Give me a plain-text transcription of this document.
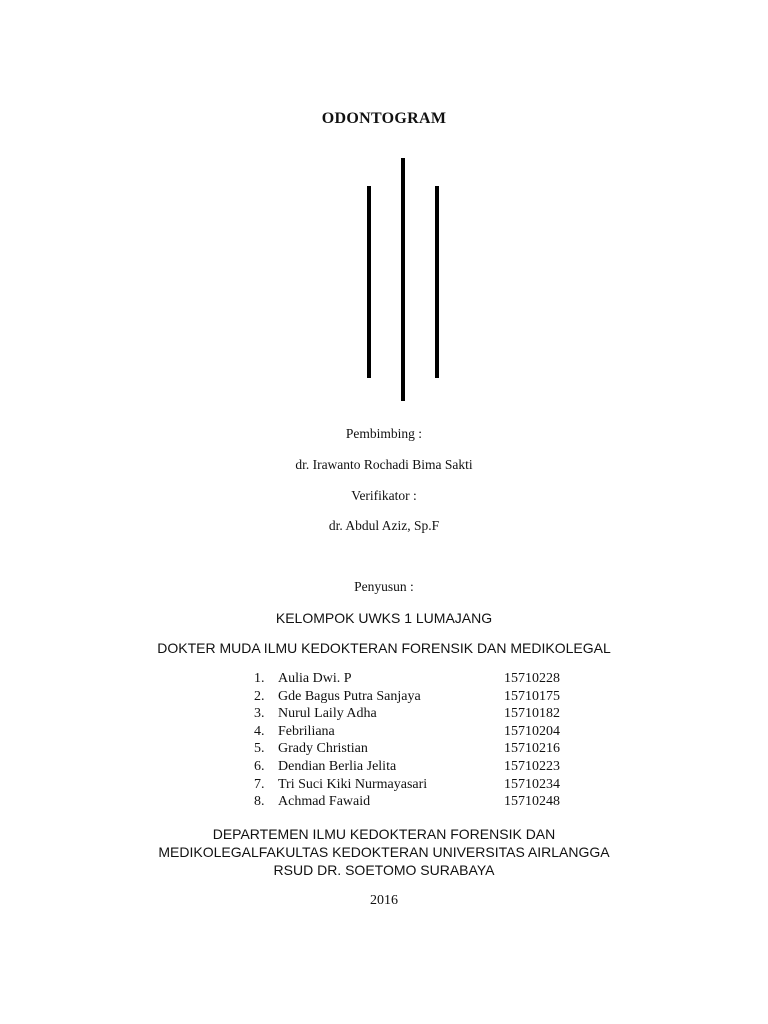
ODONTOGRAM
Pembimbing :
dr. Irawanto Rochadi Bima Sakti
Verifikator :
dr. Abdul Aziz, Sp.F
Penyusun :
KELOMPOK UWKS 1 LUMAJANG
DOKTER MUDA ILMU KEDOKTERAN FORENSIK DAN MEDIKOLEGAL
1. Aulia Dwi. P	15710228
2. Gde Bagus Putra Sanjaya	15710175
3. Nurul Laily Adha	15710182
4. Febriliana	15710204
5. Grady Christian	15710216
6. Dendian Berlia Jelita	15710223
7. Tri Suci Kiki Nurmayasari	15710234
8. Achmad Fawaid	15710248
DEPARTEMEN ILMU KEDOKTERAN FORENSIK DAN
MEDIKOLEGALFAKULTAS KEDOKTERAN UNIVERSITAS AIRLANGGA
RSUD DR. SOETOMO SURABAYA
2016
